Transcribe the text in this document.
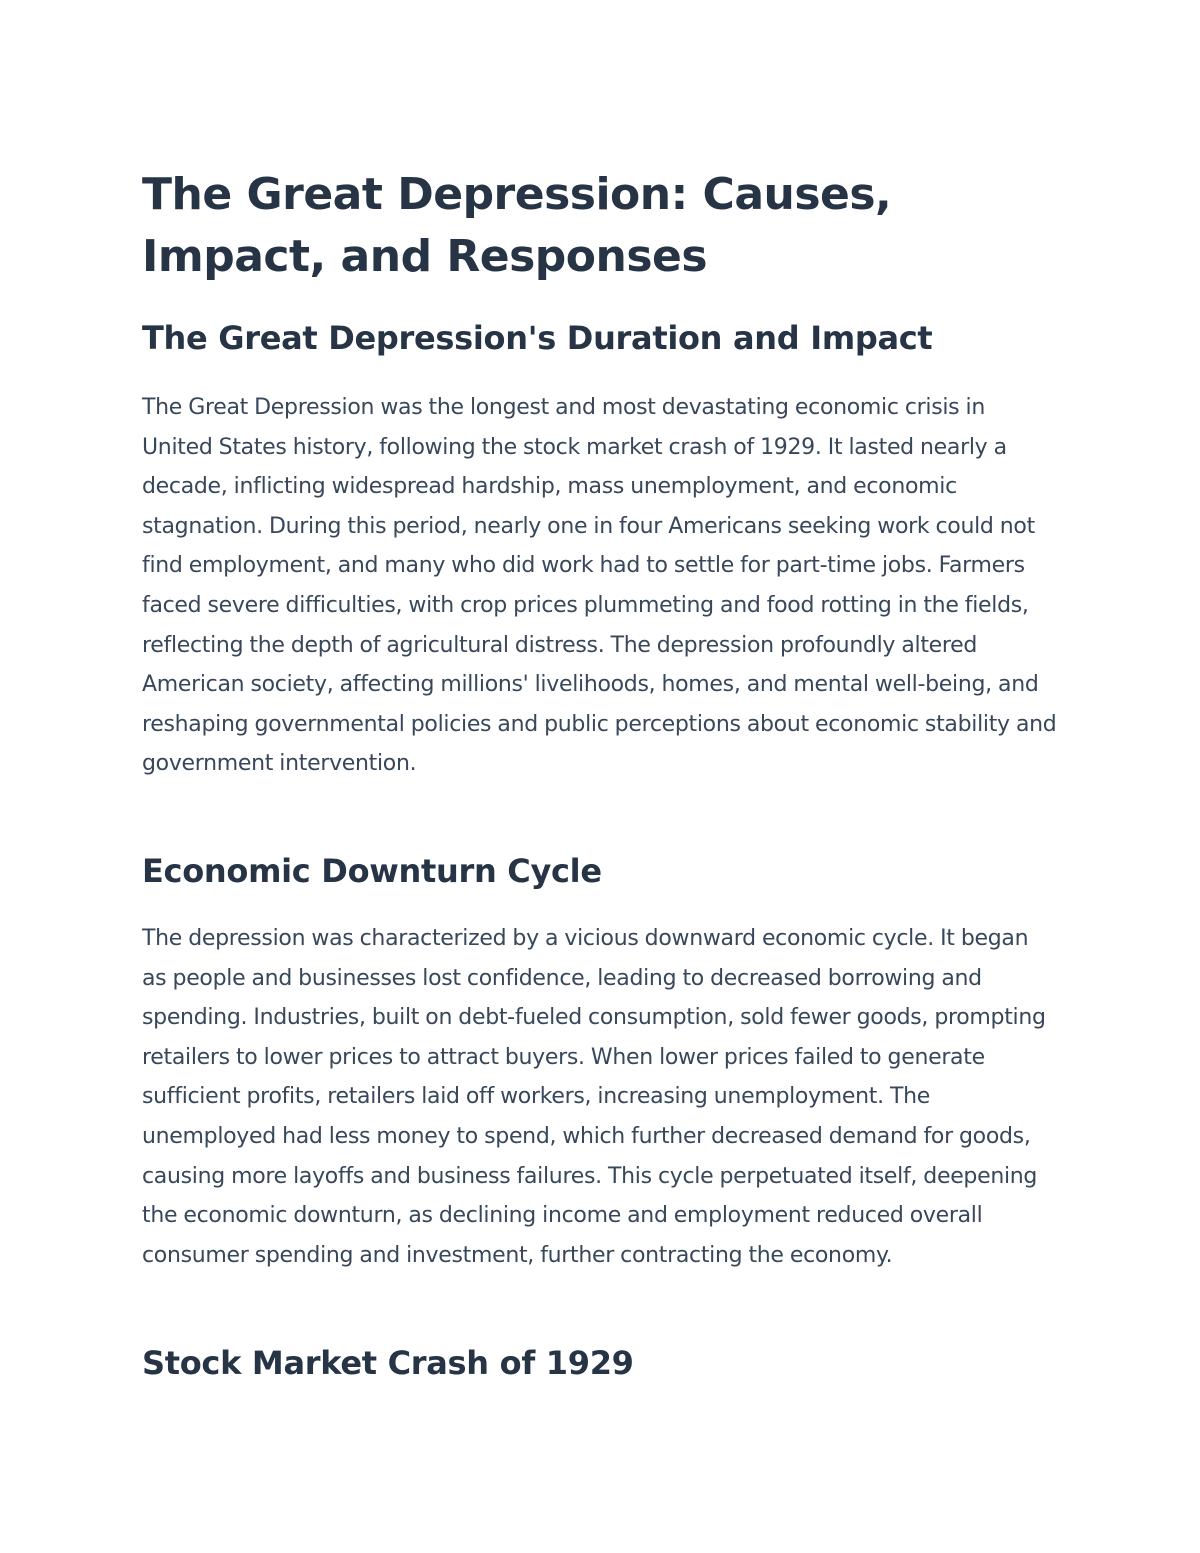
The Great Depression: Causes, Impact, and Responses
The Great Depression's Duration and Impact

The Great Depression was the longest and most devastating economic crisis in United States history, following the stock market crash of 1929. It lasted nearly a decade, inflicting widespread hardship, mass unemployment, and economic stagnation. During this period, nearly one in four Americans seeking work could not find employment, and many who did work had to settle for part-time jobs. Farmers faced severe difficulties, with crop prices plummeting and food rotting in the fields, reflecting the depth of agricultural distress. The depression profoundly altered American society, affecting millions' livelihoods, homes, and mental well-being, and reshaping governmental policies and public perceptions about economic stability and government intervention.

Economic Downturn Cycle

The depression was characterized by a vicious downward economic cycle. It began as people and businesses lost confidence, leading to decreased borrowing and spending. Industries, built on debt-fueled consumption, sold fewer goods, prompting retailers to lower prices to attract buyers. When lower prices failed to generate sufficient profits, retailers laid off workers, increasing unemployment. The unemployed had less money to spend, which further decreased demand for goods, causing more layoffs and business failures. This cycle perpetuated itself, deepening the economic downturn, as declining income and employment reduced overall consumer spending and investment, further contracting the economy.

Stock Market Crash of 1929
